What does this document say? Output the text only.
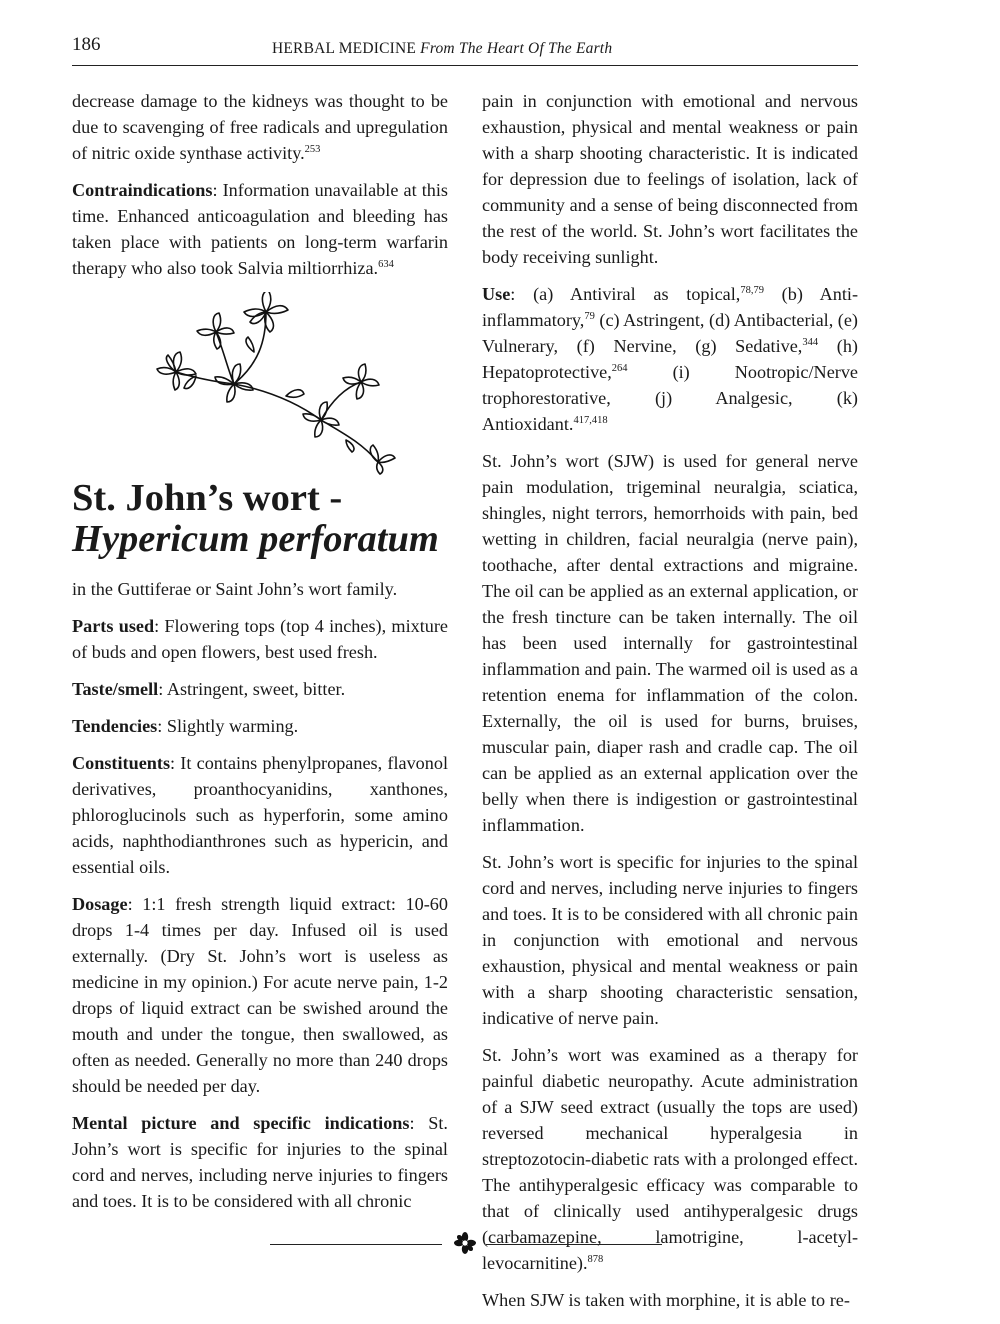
186	HERBAL MEDICINE From The Heart Of The Earth

decrease damage to the kidneys was thought to be due to scavenging of free radicals and upregulation of nitric oxide synthase activity.$^{253}$

Contraindications: Information unavailable at this time. Enhanced anticoagulation and bleeding has taken place with patients on long-term warfarin therapy who also took Salvia miltiorrhiza.$^{634}$

St. John’s wort -
Hypericum perforatum

in the Guttiferae or Saint John’s wort family.

Parts used: Flowering tops (top 4 inches), mixture of buds and open flowers, best used fresh.

Taste/smell: Astringent, sweet, bitter.

Tendencies: Slightly warming.

Constituents: It contains phenylpropanes, flavonol derivatives, proanthocyanidins, xanthones, phloroglucinols such as hyperforin, some amino acids, naphthodianthrones such as hypericin, and essential oils.

Dosage: 1:1 fresh strength liquid extract: 10-60 drops 1-4 times per day. Infused oil is used externally. (Dry St. John’s wort is useless as medicine in my opinion.) For acute nerve pain, 1-2 drops of liquid extract can be swished around the mouth and under the tongue, then swallowed, as often as needed. Generally no more than 240 drops should be needed per day.

Mental picture and specific indications: St. John’s wort is specific for injuries to the spinal cord and nerves, including nerve injuries to fingers and toes. It is to be considered with all chronic

pain in conjunction with emotional and nervous exhaustion, physical and mental weakness or pain with a sharp shooting characteristic. It is indicated for depression due to feelings of isolation, lack of community and a sense of being disconnected from the rest of the world. St. John’s wort facilitates the body receiving sunlight.

Use: (a) Antiviral as topical,$^{78,79}$ (b) Anti-inflammatory,$^{79}$ (c) Astringent, (d) Antibacterial, (e) Vulnerary, (f) Nervine, (g) Sedative,$^{344}$ (h) Hepatoprotective,$^{264}$ (i) Nootropic/Nerve trophorestorative, (j) Analgesic, (k) Antioxidant.$^{417,418}$

St. John’s wort (SJW) is used for general nerve pain modulation, trigeminal neuralgia, sciatica, shingles, night terrors, hemorrhoids with pain, bed wetting in children, facial neuralgia (nerve pain), toothache, after dental extractions and migraine. The oil can be applied as an external application, or the fresh tincture can be taken internally. The oil has been used internally for gastrointestinal inflammation and pain. The warmed oil is used as a retention enema for inflammation of the colon. Externally, the oil is used for burns, bruises, muscular pain, diaper rash and cradle cap. The oil can be applied as an external application over the belly when there is indigestion or gastrointestinal inflammation.

St. John’s wort is specific for injuries to the spinal cord and nerves, including nerve injuries to fingers and toes. It is to be considered with all chronic pain in conjunction with emotional and nervous exhaustion, physical and mental weakness or pain with a sharp shooting characteristic sensation, indicative of nerve pain.

St. John’s wort was examined as a therapy for painful diabetic neuropathy. Acute administration of a SJW seed extract (usually the tops are used) reversed mechanical hyperalgesia in streptozotocin-diabetic rats with a prolonged effect. The antihyperalgesic efficacy was comparable to that of clinically used antihyperalgesic drugs (carbamazepine, lamotrigine, l-acetyl-levocarnitine).$^{878}$

When SJW is taken with morphine, it is able to re-
